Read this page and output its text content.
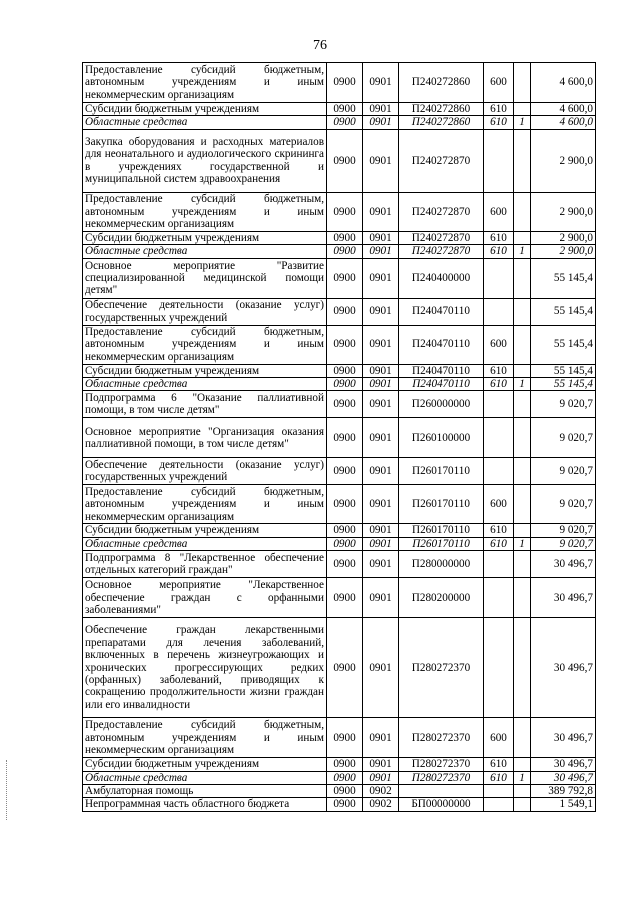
76
Предоставление субсидий бюджетным, автономным учреждениям и иным некоммерческим организациям	0900	0901	П240272860	600		4 600,0
Субсидии бюджетным учреждениям	0900	0901	П240272860	610		4 600,0
Областные средства	0900	0901	П240272860	610	1	4 600,0
Закупка оборудования и расходных материалов для неонатального и аудиологического скрининга в учреждениях государственной и муниципальной систем здравоохранения	0900	0901	П240272870			2 900,0
Предоставление субсидий бюджетным, автономным учреждениям и иным некоммерческим организациям	0900	0901	П240272870	600		2 900,0
Субсидии бюджетным учреждениям	0900	0901	П240272870	610		2 900,0
Областные средства	0900	0901	П240272870	610	1	2 900,0
Основное мероприятие "Развитие специализированной медицинской помощи детям"	0900	0901	П240400000			55 145,4
Обеспечение деятельности (оказание услуг) государственных учреждений	0900	0901	П240470110			55 145,4
Предоставление субсидий бюджетным, автономным учреждениям и иным некоммерческим организациям	0900	0901	П240470110	600		55 145,4
Субсидии бюджетным учреждениям	0900	0901	П240470110	610		55 145,4
Областные средства	0900	0901	П240470110	610	1	55 145,4
Подпрограмма 6 "Оказание паллиативной помощи, в том числе детям"	0900	0901	П260000000			9 020,7
Основное мероприятие "Организация оказания паллиативной помощи, в том числе детям"	0900	0901	П260100000			9 020,7
Обеспечение деятельности (оказание услуг) государственных учреждений	0900	0901	П260170110			9 020,7
Предоставление субсидий бюджетным, автономным учреждениям и иным некоммерческим организациям	0900	0901	П260170110	600		9 020,7
Субсидии бюджетным учреждениям	0900	0901	П260170110	610		9 020,7
Областные средства	0900	0901	П260170110	610	1	9 020,7
Подпрограмма 8 "Лекарственное обеспечение отдельных категорий граждан"	0900	0901	П280000000			30 496,7
Основное мероприятие "Лекарственное обеспечение граждан с орфанными заболеваниями"	0900	0901	П280200000			30 496,7
Обеспечение граждан лекарственными препаратами для лечения заболеваний, включенных в перечень жизнеугрожающих и хронических прогрессирующих редких (орфанных) заболеваний, приводящих к сокращению продолжительности жизни граждан или его инвалидности	0900	0901	П280272370			30 496,7
Предоставление субсидий бюджетным, автономным учреждениям и иным некоммерческим организациям	0900	0901	П280272370	600		30 496,7
Субсидии бюджетным учреждениям	0900	0901	П280272370	610		30 496,7
Областные средства	0900	0901	П280272370	610	1	30 496,7
Амбулаторная помощь	0900	0902				389 792,8
Непрограммная часть областного бюджета	0900	0902	БП00000000			1 549,1
